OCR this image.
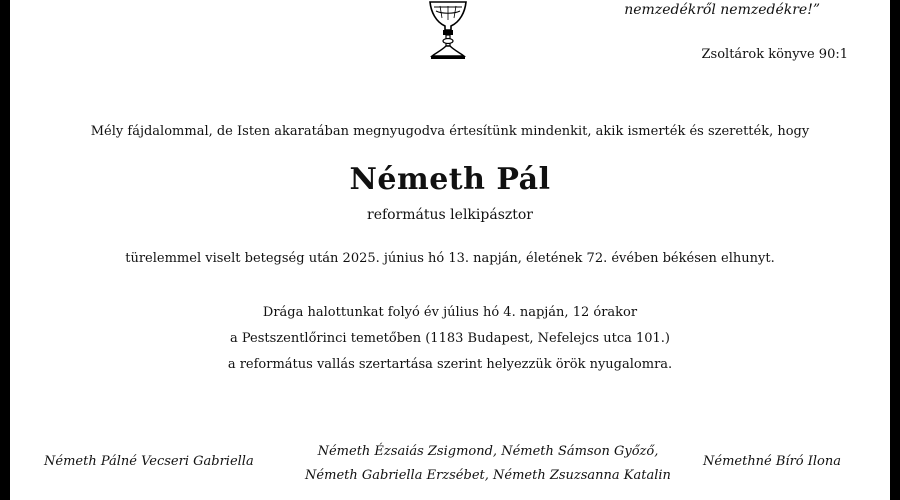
nemzedékről nemzedékre!”
Zsoltárok könyve 90:1
Mély fájdalommal, de Isten akaratában megnyugodva értesítünk mindenkit, akik ismerték és szerették, hogy
Németh Pál
református lelkipásztor
türelemmel viselt betegség után 2025. június hó 13. napján, életének 72. évében békésen elhunyt.
Drága halottunkat folyó év július hó 4. napján, 12 órakor
a Pestszentlőrinci temetőben (1183 Budapest, Nefelejcs utca 101.)
a református vallás szertartása szerint helyezzük örök nyugalomra.
Németh Pálné Vecseri Gabriella
Németh Ézsaiás Zsigmond, Németh Sámson Győző,
Németh Gabriella Erzsébet, Németh Zsuzsanna Katalin
Némethné Bíró Ilona
